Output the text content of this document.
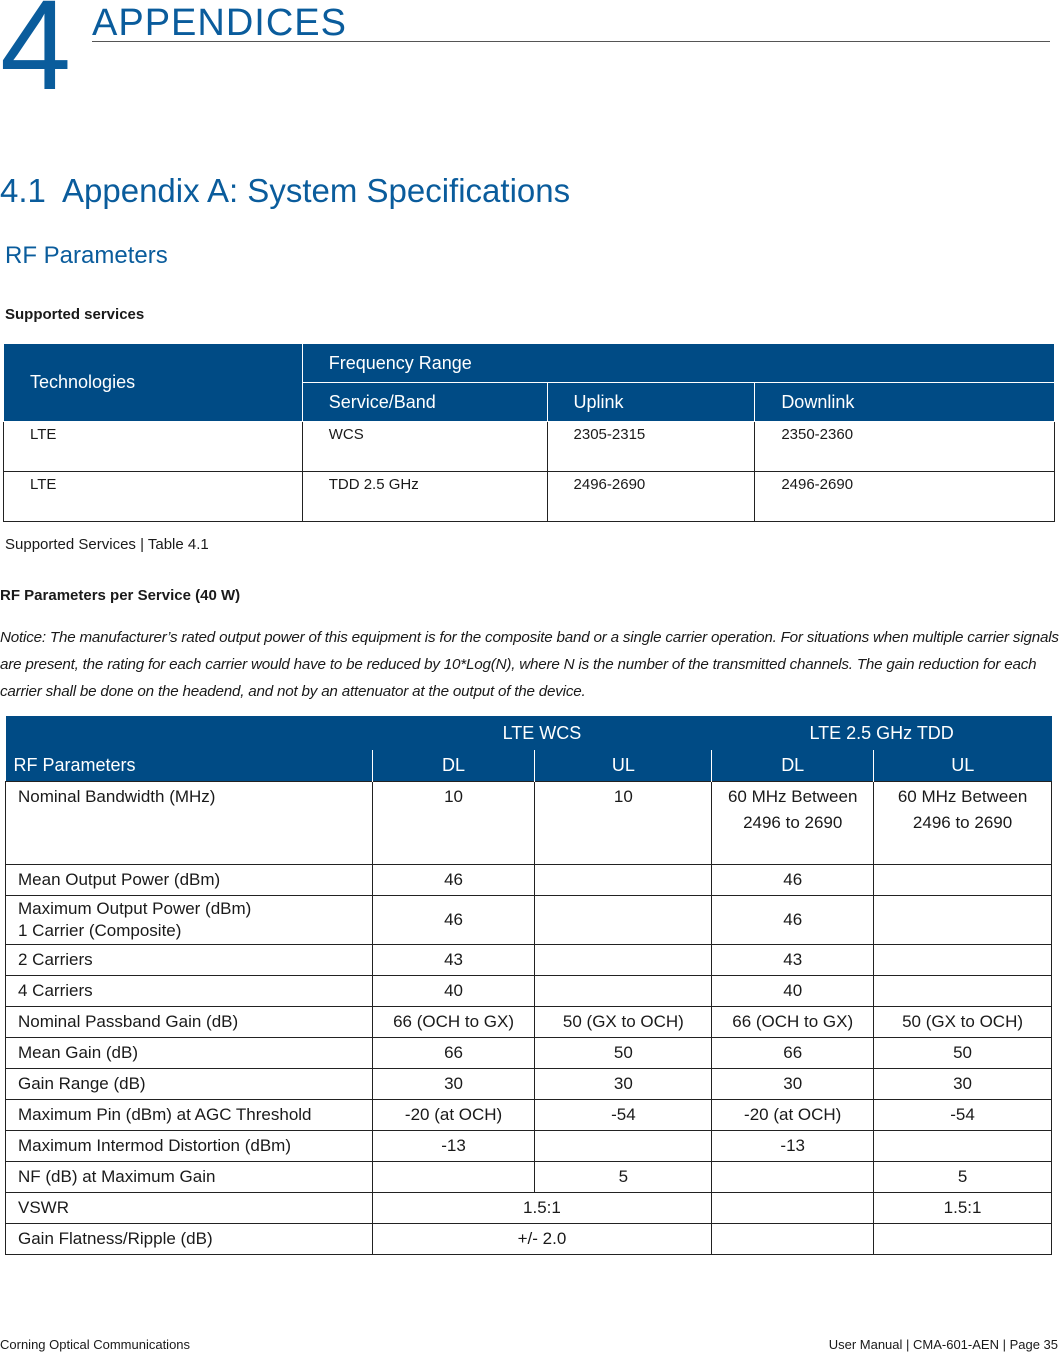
4 APPENDICES
4.1 Appendix A: System Specifications
RF Parameters
Supported services
Technologies	Frequency Range		
	Service/Band	Uplink	Downlink
LTE	WCS	2305-2315	2350-2360
LTE	TDD 2.5 GHz	2496-2690	2496-2690
Supported Services | Table 4.1
RF Parameters per Service (40 W)
Notice: The manufacturer’s rated output power of this equipment is for the composite band or a single carrier operation. For situations when multiple carrier signals are present, the rating for each carrier would have to be reduced by 10*Log(N), where N is the number of the transmitted channels. The gain reduction for each carrier shall be done on the headend, and not by an attenuator at the output of the device.
	LTE WCS		LTE 2.5 GHz TDD	
RF Parameters	DL	UL	DL	UL
Nominal Bandwidth (MHz)	10	10	60 MHz Between 2496 to 2690	60 MHz Between 2496 to 2690
Mean Output Power (dBm)	46		46	

Maximum Output Power (dBm)
1 Carrier (Composite)	46		46	
2 Carriers	43		43	
4 Carriers	40		40	
Nominal Passband Gain (dB)	66 (OCH to GX)	50 (GX to OCH)	66 (OCH to GX)	50 (GX to OCH)
Mean Gain (dB)	66	50	66	50
Gain Range (dB)	30	30	30	30
Maximum Pin (dBm) at AGC Threshold	-20 (at OCH)	-54	-20 (at OCH)	-54
Maximum Intermod Distortion (dBm)	-13		-13	
NF (dB) at Maximum Gain		5		5
VSWR	1.5:1			1.5:1
Gain Flatness/Ripple (dB)	+/- 2.0			
Corning Optical Communications	User Manual | CMA-601-AEN | Page 35
